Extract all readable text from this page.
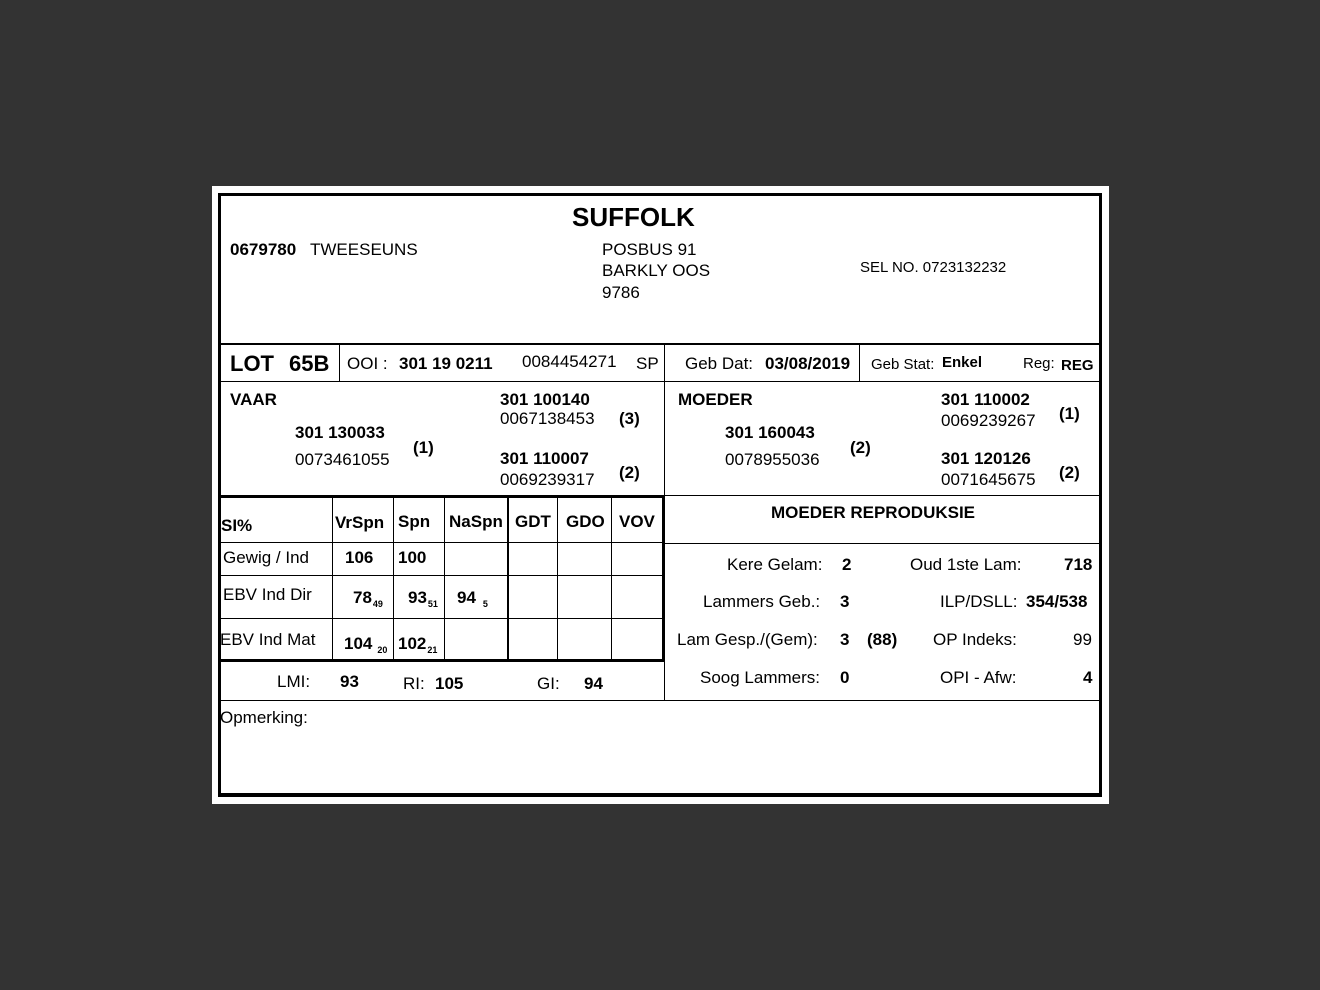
SUFFOLK
0679780 TWEESEUNS	POSBUS 91
BARKLY OOS
9786
SEL NO. 0723132232
LOT 65B OOI : 301 19 0211 0084454271 SP Geb Dat: 03/08/2019 Geb Stat: Enkel	Reg: REG
VAAR
301 130033
0073461055
(1)
301 100140
0067138453 (3)
301 110007
0069239317 (2)
MOEDER
301 160043
0078955036
(2)
301 110002
0069239267 (1)
301 120126
0071645675 (2)
SI%	VrSpn Spn NaSpn GDT GDO VOV
Gewig / Ind 106 100
EBV Ind Dir $78_{49}$ $93_{51}$ 94 $_5$
EBV Ind Mat 104 $_{20}$ $102_{21}$
LMI: 93	RI: 105	GI: 94
MOEDER REPRODUKSIE
Kere Gelam: 2	Oud 1ste Lam: 718
Lammers Geb.: 3	ILP/DSLL: 354/538
Lam Gesp./(Gem): 3 (88) OP Indeks:	99
Soog Lammers: 0	OPI - Afw:	4
Opmerking:
